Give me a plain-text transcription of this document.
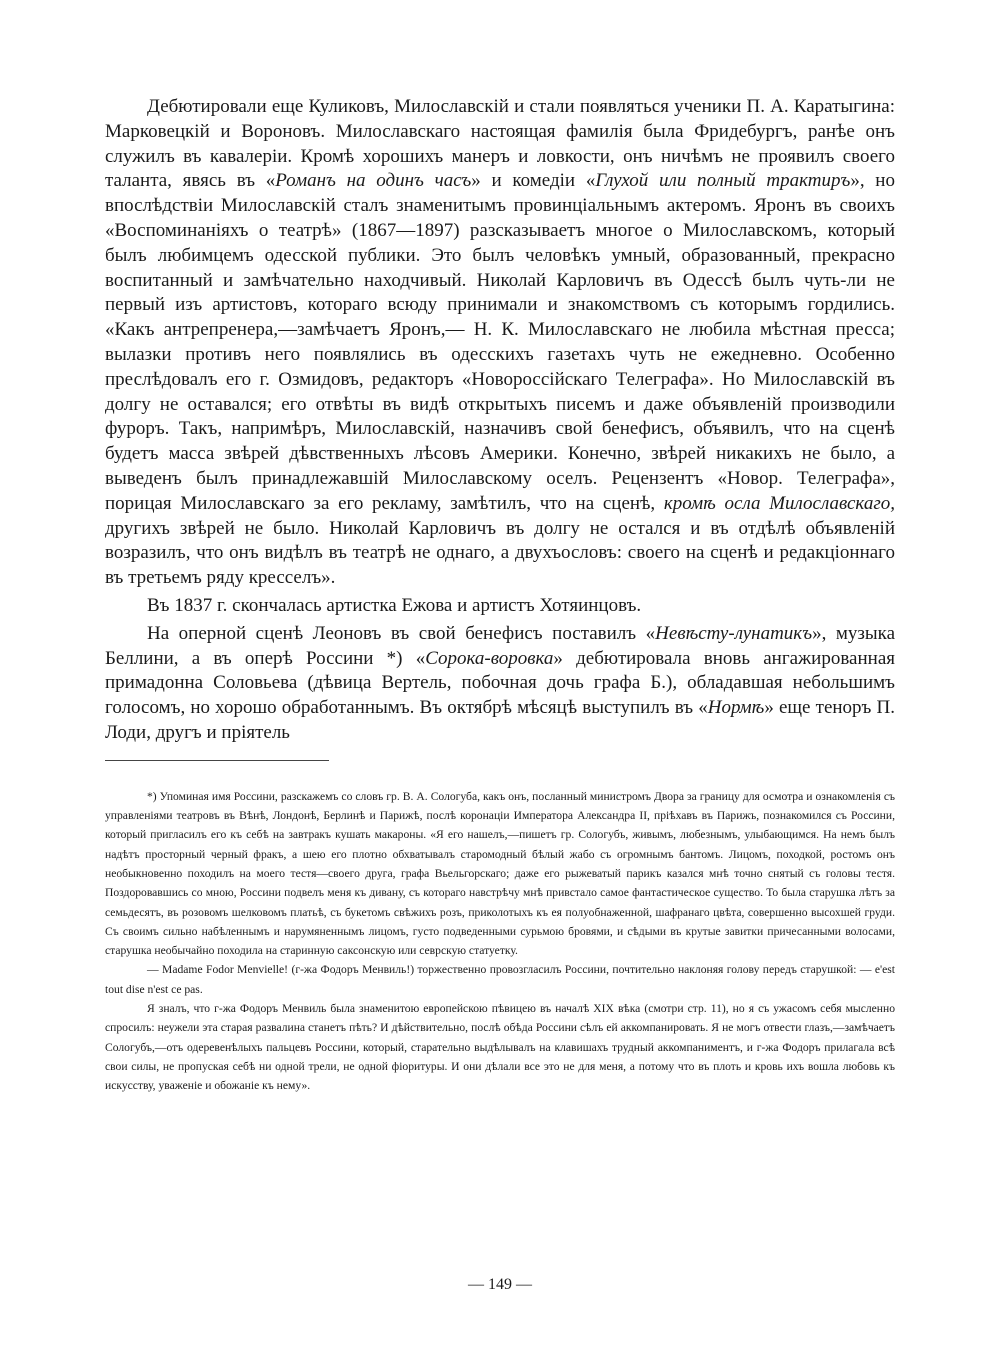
Дебютировали еще Куликовъ, Милославскій и стали появляться ученики П. А. Каратыгина: Марковецкій и Вороновъ. Милославскаго настоящая фамилія была Фридебургъ, ранѣе онъ служилъ въ кавалеріи. Кромѣ хорошихъ манеръ и ловкости, онъ ничѣмъ не проявилъ своего таланта, явясь въ «Романъ на одинъ часъ» и комедіи «Глухой или полный трактиръ», но впослѣдствіи Милославскій сталъ знаменитымъ провинціальнымъ актеромъ. Яронъ въ своихъ «Воспоминаніяхъ о театрѣ» (1867—1897) разсказываетъ многое о Милославскомъ, который былъ любимцемъ одесской публики. Это былъ человѣкъ умный, образованный, прекрасно воспитанный и замѣчательно находчивый. Николай Карловичъ въ Одессѣ былъ чуть-ли не первый изъ артистовъ, котораго всюду принимали и знакомствомъ съ которымъ гордились. «Какъ антрепренера,—замѣчаетъ Яронъ,— Н. К. Милославскаго не любила мѣстная пресса; вылазки противъ него появлялись въ одесскихъ газетахъ чуть не ежедневно. Особенно преслѣдовалъ его г. Озмидовъ, редакторъ «Новороссійскаго Телеграфа». Но Милославскій въ долгу не оставался; его отвѣты въ видѣ открытыхъ писемъ и даже объявленій производили фуроръ. Такъ, напримѣръ, Милославскій, назначивъ свой бенефисъ, объявилъ, что на сценѣ будетъ масса звѣрей дѣвственныхъ лѣсовъ Америки. Конечно, звѣрей никакихъ не было, а выведенъ былъ принадлежавшій Милославскому оселъ. Рецензентъ «Новор. Телеграфа», порицая Милославскаго за его рекламу, замѣтилъ, что на сценѣ, кромѣ осла Милославскаго, другихъ звѣрей не было. Николай Карловичъ въ долгу не остался и въ отдѣлѣ объявленій возразилъ, что онъ видѣлъ въ театрѣ не однаго, а двухъословъ: своего на сценѣ и редакціоннаго въ третьемъ ряду кресселъ».

Въ 1837 г. скончалась артистка Ежова и артистъ Хотяинцовъ.

На оперной сценѣ Леоновъ въ свой бенефисъ поставилъ «Невѣсту-лунатикъ», музыка Беллини, а въ оперѣ Россини *) «Сорока-воровка» дебютировала вновь ангажированная примадонна Соловьева (дѣвица Вертель, побочная дочь графа Б.), обладавшая небольшимъ голосомъ, но хорошо обработаннымъ. Въ октябрѣ мѣсяцѣ выступилъ въ «Нормѣ» еще теноръ П. Лоди, другъ и пріятель

*) Упоминая имя Россини, разскажемъ со словъ гр. В. А. Сологуба, какъ онъ, посланный министромъ Двора за границу для осмотра и ознакомленія съ управленіями театровъ въ Вѣнѣ, Лондонѣ, Берлинѣ и Парижѣ, послѣ коронаціи Императора Александра II, пріѣхавъ въ Парижъ, познакомился съ Россини, который пригласилъ его къ себѣ на завтракъ кушать макароны. «Я его нашелъ,—пишетъ гр. Сологубъ, живымъ, любезнымъ, улыбающимся. На немъ былъ надѣтъ просторный черный фракъ, а шею его плотно обхватывалъ старомодный бѣлый жабо съ огромнымъ бантомъ. Лицомъ, походкой, ростомъ онъ необыкновенно походилъ на моего тестя—своего друга, графа Вьельгорскаго; даже его рыжеватый парикъ казался мнѣ точно снятый съ головы тестя. Поздоровавшись со мною, Россини подвелъ меня къ дивану, съ котораго навстрѣчу мнѣ привстало самое фантастическое существо. То была старушка лѣтъ за семьдесятъ, въ розовомъ шелковомъ платьѣ, съ букетомъ свѣжихъ розъ, приколотыхъ къ ея полуобнаженной, шафранаго цвѣта, совершенно высохшей груди. Съ своимъ сильно набѣленнымъ и нарумяненнымъ лицомъ, густо подведенными сурьмою бровями, и сѣдыми въ крутые завитки причесанными волосами, старушка необычайно походила на старинную саксонскую или севрскую статуетку.

— Madame Fodor Menvielle! (г-жа Фодоръ Менвиль!) торжественно провозгласилъ Россини, почтительно наклоняя голову передъ старушкой: — e'est tout dise n'est ce pas.

Я зналъ, что г-жа Фодоръ Менвиль была знаменитою европейскою пѣвицею въ началѣ XIX вѣка (смотри стр. 11), но я съ ужасомъ себя мысленно спросилъ: неужели эта старая развалина станетъ пѣть? И дѣйствительно, послѣ обѣда Россини сѣлъ ей аккомпанировать. Я не могъ отвести глазъ,—замѣчаетъ Сологубъ,—отъ одеревенѣлыхъ пальцевъ Россини, который, старательно выдѣлывалъ на клавишахъ трудный аккомпаниментъ, и г-жа Фодоръ прилагала всѣ свои силы, не пропуская себѣ ни одной трели, не одной фіоритуры. И они дѣлали все это не для меня, а потому что въ плоть и кровь ихъ вошла любовь къ искусству, уваженіе и обожаніе къ нему».

— 149 —
